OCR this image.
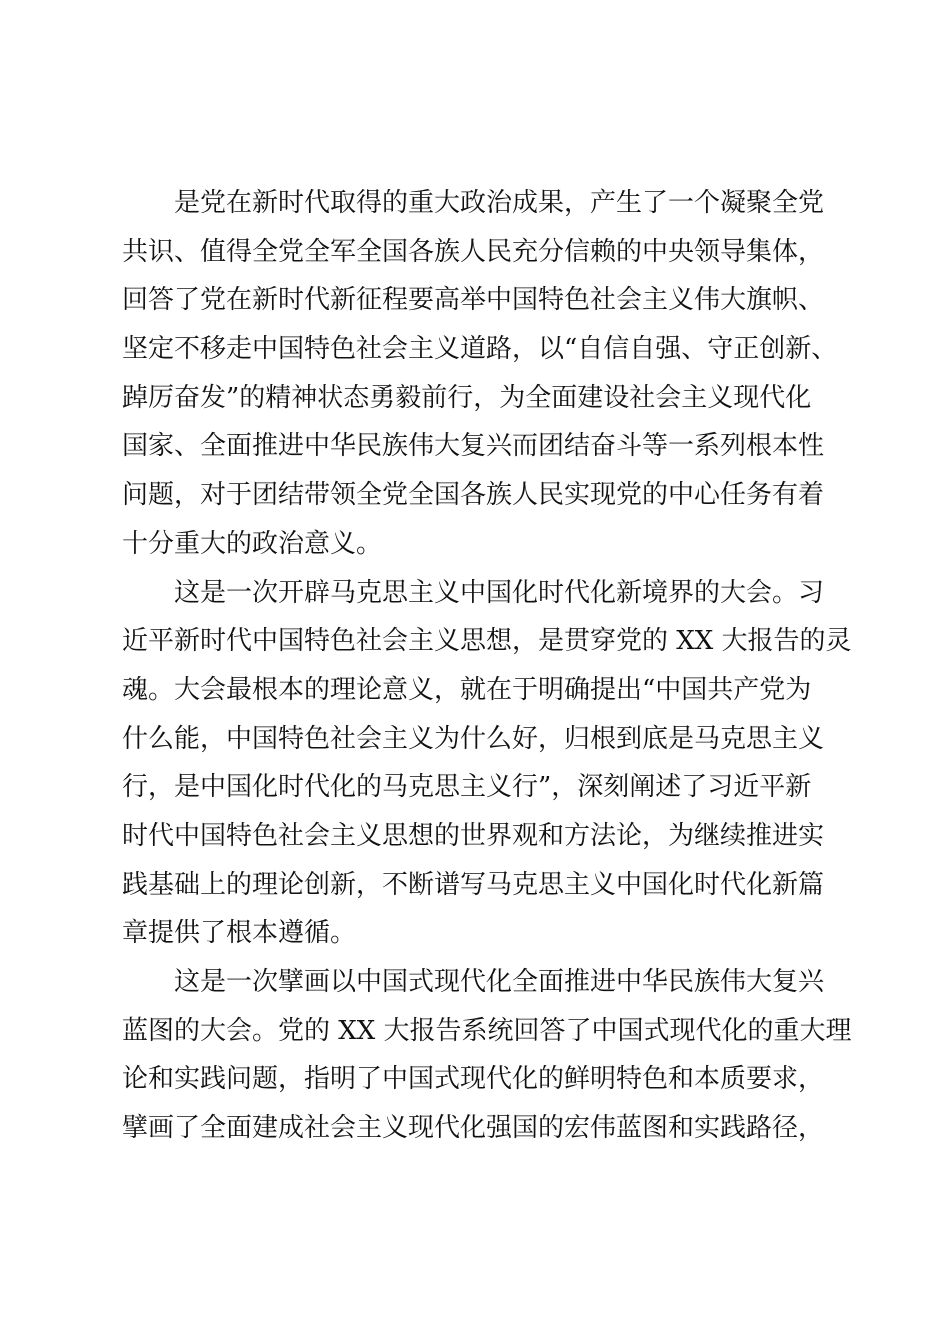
是党在新时代取得的重大政治成果，产生了一个凝聚全党
共识、值得全党全军全国各族人民充分信赖的中央领导集体，
回答了党在新时代新征程要高举中国特色社会主义伟大旗帜、
坚定不移走中国特色社会主义道路，以“自信自强、守正创新、
踔厉奋发”的精神状态勇毅前行，为全面建设社会主义现代化
国家、全面推进中华民族伟大复兴而团结奋斗等一系列根本性
问题，对于团结带领全党全国各族人民实现党的中心任务有着
十分重大的政治意义。
这是一次开辟马克思主义中国化时代化新境界的大会。习
近平新时代中国特色社会主义思想，是贯穿党的 XX 大报告的灵
魂。大会最根本的理论意义，就在于明确提出“中国共产党为
什么能，中国特色社会主义为什么好，归根到底是马克思主义
行，是中国化时代化的马克思主义行”，深刻阐述了习近平新
时代中国特色社会主义思想的世界观和方法论，为继续推进实
践基础上的理论创新，不断谱写马克思主义中国化时代化新篇
章提供了根本遵循。
这是一次擘画以中国式现代化全面推进中华民族伟大复兴
蓝图的大会。党的 XX 大报告系统回答了中国式现代化的重大理
论和实践问题，指明了中国式现代化的鲜明特色和本质要求，
擘画了全面建成社会主义现代化强国的宏伟蓝图和实践路径，
